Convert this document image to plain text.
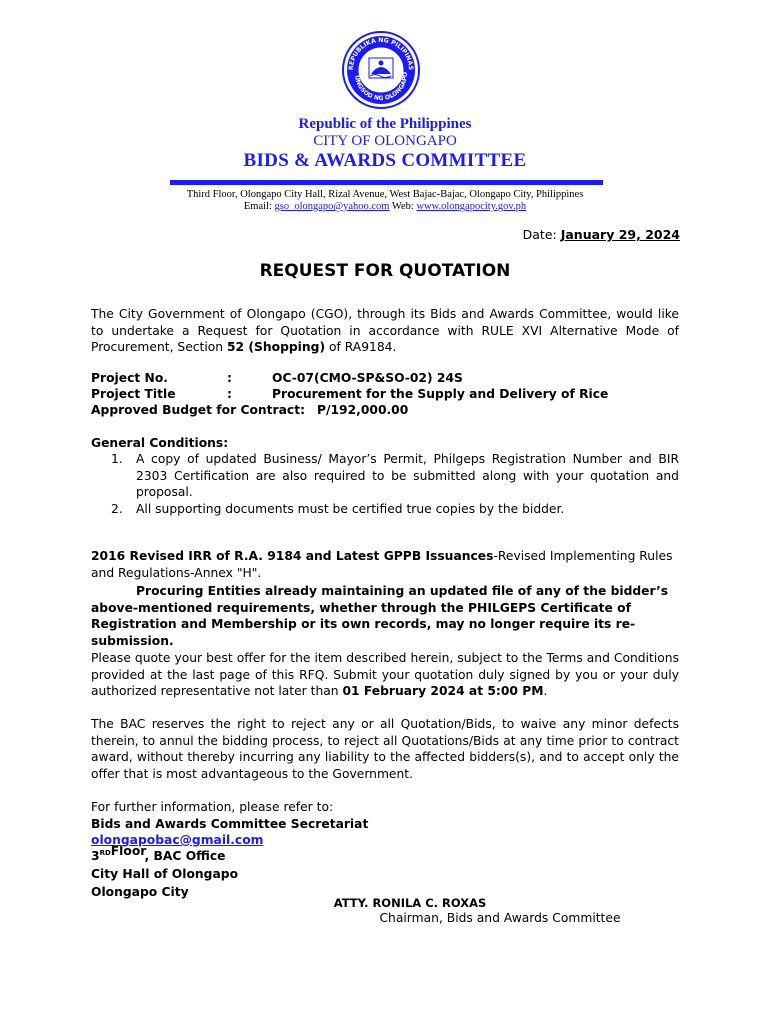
REPUBLIKA NG PILIPINAS
UNGSOD NG OLONGAPO
Republic of the Philippines
CITY OF OLONGAPO
BIDS & AWARDS COMMITTEE
Third Floor, Olongapo City Hall, Rizal Avenue, West Bajac-Bajac, Olongapo City, Philippines
Email: gso_olongapo@yahoo.com Web: www.olongapocity.gov.ph
Date: January 29, 2024
REQUEST FOR QUOTATION
The City Government of Olongapo (CGO), through its Bids and Awards Committee, would like to undertake a Request for Quotation in accordance with RULE XVI Alternative Mode of Procurement, Section 52 (Shopping) of RA9184.
Project No.	:	OC-07(CMO-SP&SO-02) 24S
Project Title	:	Procurement for the Supply and Delivery of Rice
Approved Budget for Contract: P/192,000.00
General Conditions:
1. A copy of updated Business/ Mayor’s Permit, Philgeps Registration Number and BIR 2303 Certification are also required to be submitted along with your quotation and proposal.
2. All supporting documents must be certified true copies by the bidder.
2016 Revised IRR of R.A. 9184 and Latest GPPB Issuances-Revised Implementing Rules and Regulations-Annex "H".
Procuring Entities already maintaining an updated file of any of the bidder’s above-mentioned requirements, whether through the PHILGEPS Certificate of Registration and Membership or its own records, may no longer require its re-submission.
Please quote your best offer for the item described herein, subject to the Terms and Conditions provided at the last page of this RFQ. Submit your quotation duly signed by you or your duly authorized representative not later than 01 February 2024 at 5:00 PM.
The BAC reserves the right to reject any or all Quotation/Bids, to waive any minor defects therein, to annul the bidding process, to reject all Quotations/Bids at any time prior to contract award, without thereby incurring any liability to the affected bidders(s), and to accept only the offer that is most advantageous to the Government.
For further information, please refer to:
Bids and Awards Committee Secretariat
olongapobac@gmail.com
3RDFloor, BAC Office
City Hall of Olongapo
Olongapo City
ATTY. RONILA C. ROXAS
Chairman, Bids and Awards Committee
